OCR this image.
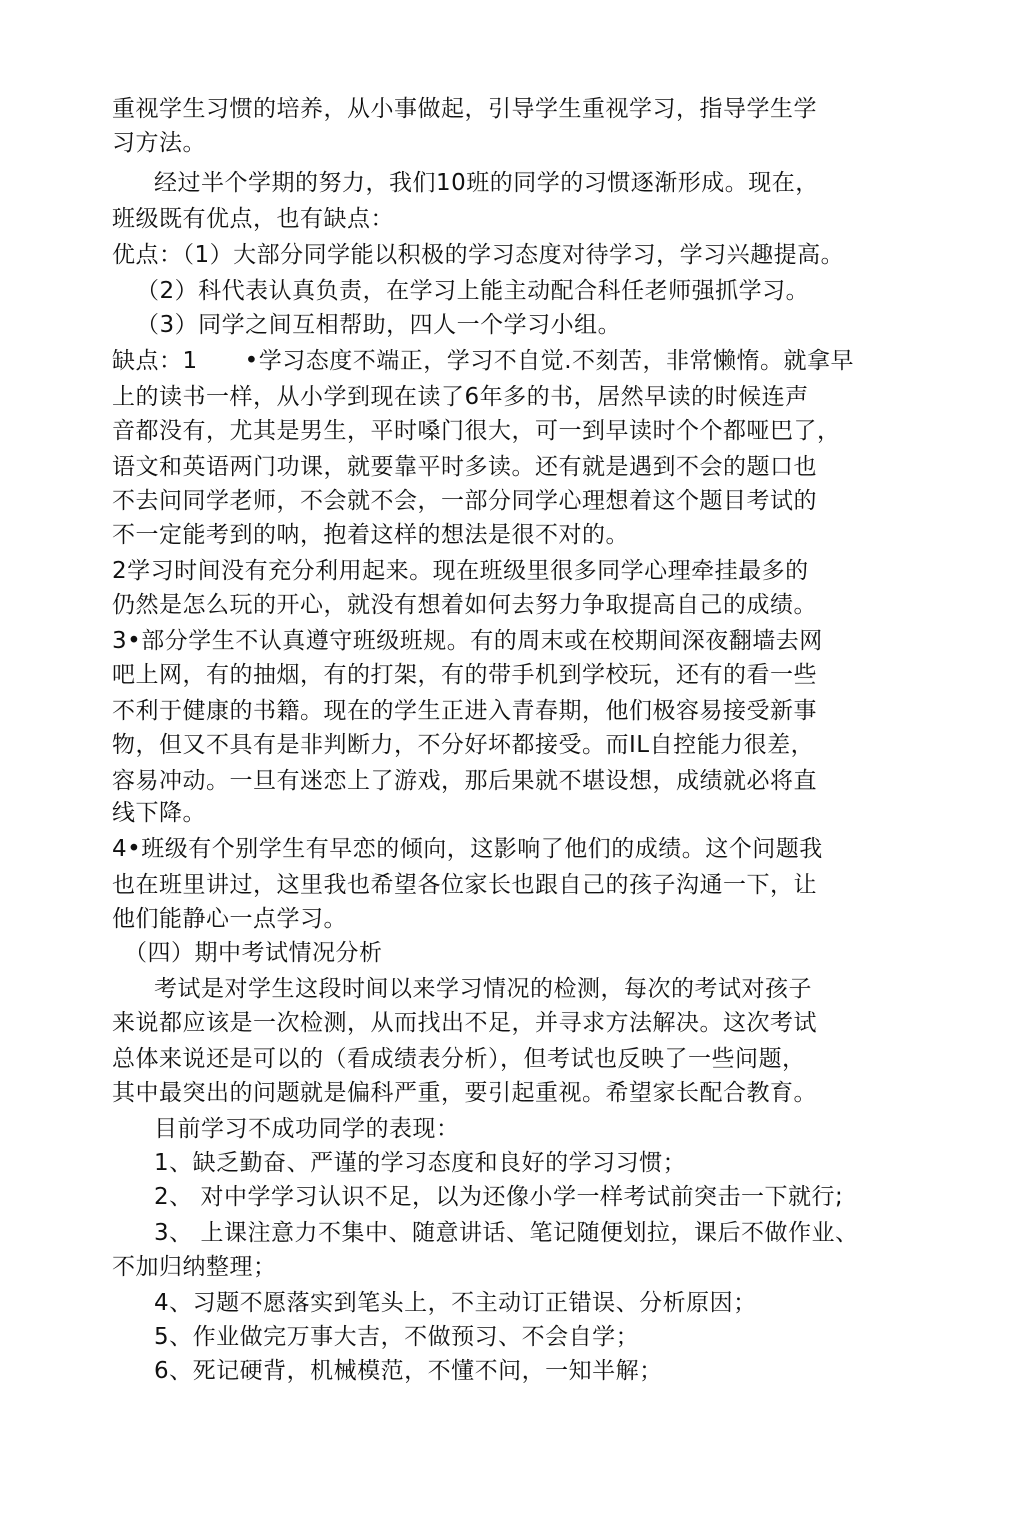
重视学生习惯的培养，从小事做起，引导学生重视学习，指导学生学
习方法。
经过半个学期的努力，我们10班的同学的习惯逐渐形成。现在，
班级既有优点，也有缺点：
优点：（1）大部分同学能以积极的学习态度对待学习，学习兴趣提高。
（2）科代表认真负责，在学习上能主动配合科任老师强抓学习。
（3）同学之间互相帮助，四人一个学习小组。
缺点：1　　•学习态度不端正，学习不自觉.不刻苦，非常懒惰。就拿早
上的读书一样，从小学到现在读了6年多的书，居然早读的时候连声
音都没有，尤其是男生，平时嗓门很大，可一到早读时个个都哑巴了，
语文和英语两门功课，就要靠平时多读。还有就是遇到不会的题口也
不去问同学老师，不会就不会，一部分同学心理想着这个题目考试的
不一定能考到的呐，抱着这样的想法是很不对的。
2学习时间没有充分利用起来。现在班级里很多同学心理牵挂最多的
仍然是怎么玩的开心，就没有想着如何去努力争取提高自己的成绩。
3•部分学生不认真遵守班级班规。有的周末或在校期间深夜翻墙去网
吧上网，有的抽烟，有的打架，有的带手机到学校玩，还有的看一些
不利于健康的书籍。现在的学生正进入青春期，他们极容易接受新事
物，但又不具有是非判断力，不分好坏都接受。而IL自控能力很差，
容易冲动。一旦有迷恋上了游戏，那后果就不堪设想，成绩就必将直
线下降。
4•班级有个别学生有早恋的倾向，这影响了他们的成绩。这个问题我
也在班里讲过，这里我也希望各位家长也跟自己的孩子沟通一下，让
他们能静心一点学习。
（四）期中考试情况分析
考试是对学生这段时间以来学习情况的检测，每次的考试对孩子
来说都应该是一次检测，从而找出不足，并寻求方法解决。这次考试
总体来说还是可以的（看成绩表分析），但考试也反映了一些问题，
其中最突出的问题就是偏科严重，要引起重视。希望家长配合教育。
目前学习不成功同学的表现：
1、缺乏勤奋、严谨的学习态度和良好的学习习惯；
2、 对中学学习认识不足，以为还像小学一样考试前突击一下就行;
3、 上课注意力不集中、随意讲话、笔记随便划拉，课后不做作业、
不加归纳整理；
4、习题不愿落实到笔头上，不主动订正错误、分析原因；
5、作业做完万事大吉，不做预习、不会自学；
6、死记硬背，机械模范，不懂不问，一知半解；
